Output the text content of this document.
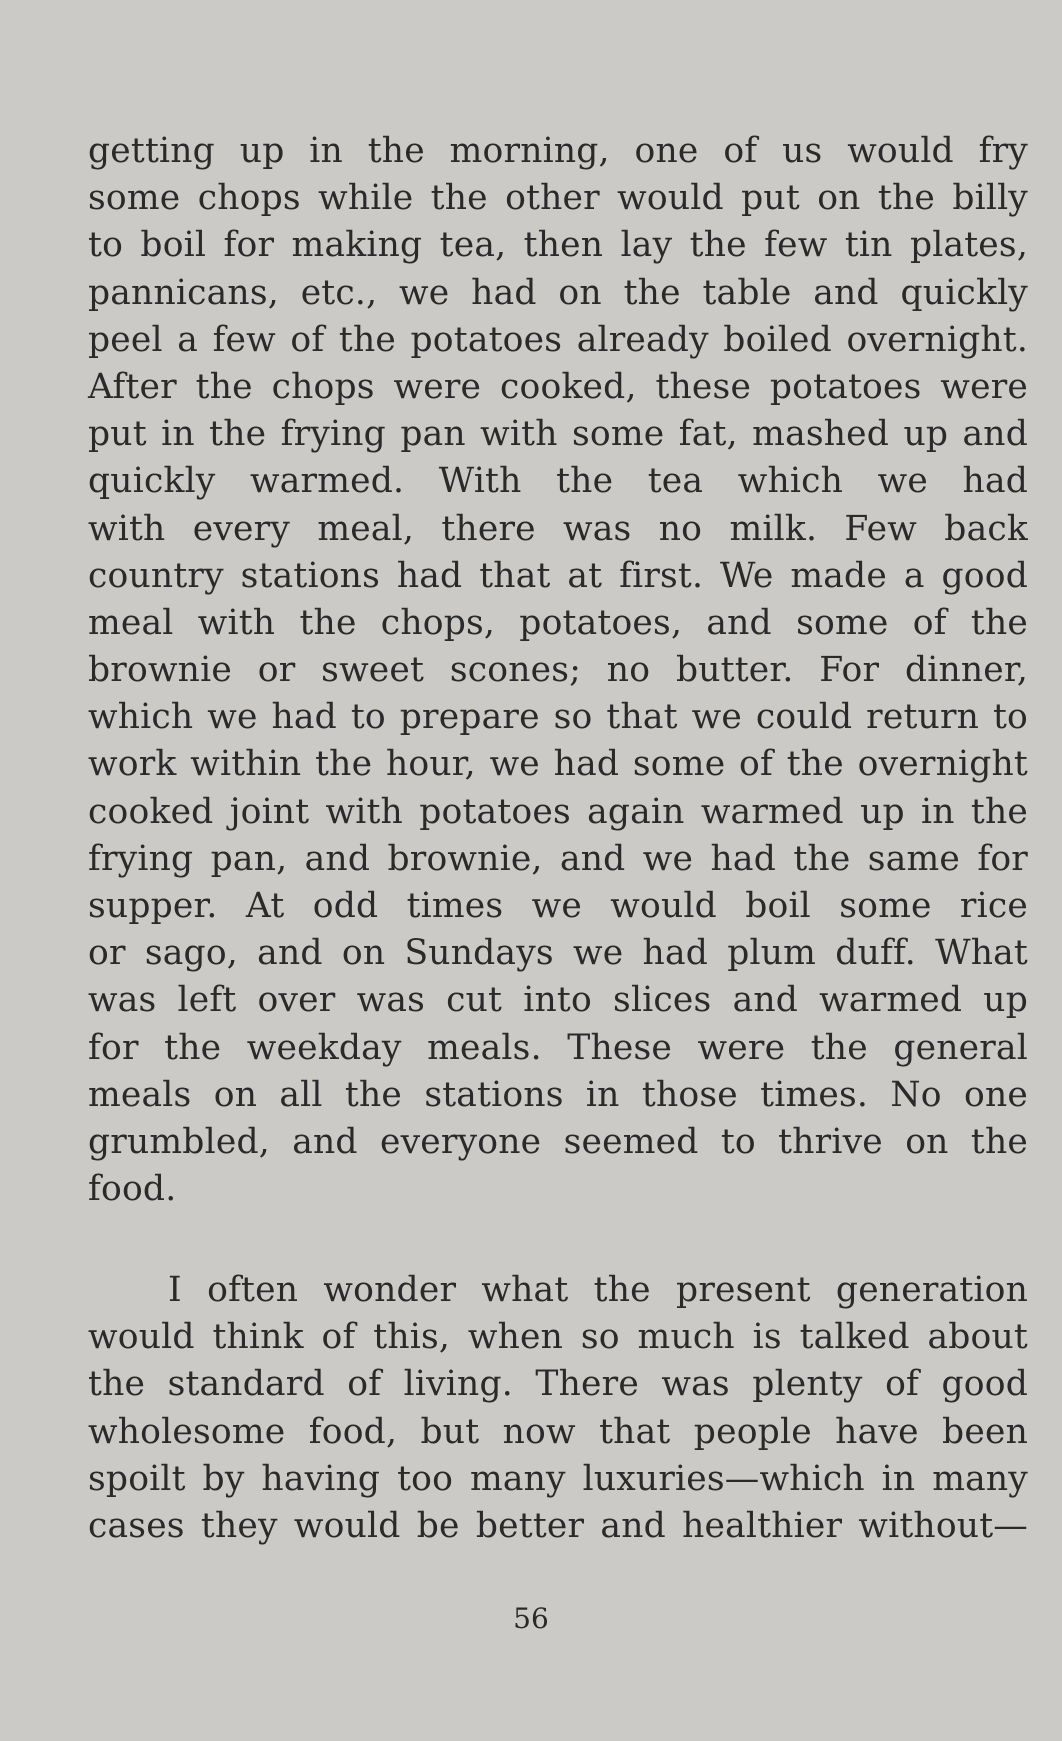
getting up in the morning, one of us would fry
some chops while the other would put on the billy
to boil for making tea, then lay the few tin plates,
pannicans, etc., we had on the table and quickly
peel a few of the potatoes already boiled overnight.
After the chops were cooked, these potatoes were
put in the frying pan with some fat, mashed up and
quickly warmed. With the tea which we had
with every meal, there was no milk. Few back
country stations had that at first. We made a good
meal with the chops, potatoes, and some of the
brownie or sweet scones; no butter. For dinner,
which we had to prepare so that we could return to
work within the hour, we had some of the overnight
cooked joint with potatoes again warmed up in the
frying pan, and brownie, and we had the same for
supper. At odd times we would boil some rice
or sago, and on Sundays we had plum duff. What
was left over was cut into slices and warmed up
for the weekday meals. These were the general
meals on all the stations in those times. No one
grumbled, and everyone seemed to thrive on the
food.
I often wonder what the present generation
would think of this, when so much is talked about
the standard of living. There was plenty of good
wholesome food, but now that people have been
spoilt by having too many luxuries—which in many
cases they would be better and healthier without—

56
